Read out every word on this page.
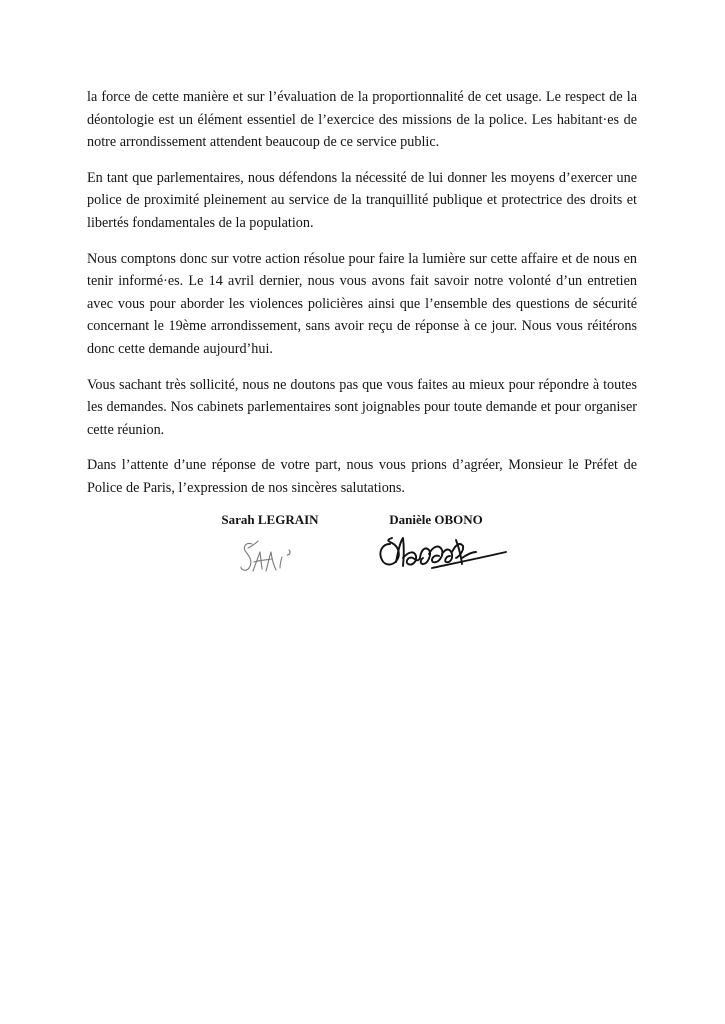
la force de cette manière et sur l’évaluation de la proportionnalité de cet usage. Le respect de la déontologie est un élément essentiel de l’exercice des missions de la police. Les habitant·es de notre arrondissement attendent beaucoup de ce service public.

En tant que parlementaires, nous défendons la nécessité de lui donner les moyens d’exercer une police de proximité pleinement au service de la tranquillité publique et protectrice des droits et libertés fondamentales de la population.

Nous comptons donc sur votre action résolue pour faire la lumière sur cette affaire et de nous en tenir informé·es. Le 14 avril dernier, nous vous avons fait savoir notre volonté d’un entretien avec vous pour aborder les violences policières ainsi que l’ensemble des questions de sécurité concernant le 19ème arrondissement, sans avoir reçu de réponse à ce jour. Nous vous réitérons donc cette demande aujourd’hui.

Vous sachant très sollicité, nous ne doutons pas que vous faites au mieux pour répondre à toutes les demandes. Nos cabinets parlementaires sont joignables pour toute demande et pour organiser cette réunion.

Dans l’attente d’une réponse de votre part, nous vous prions d’agréer, Monsieur le Préfet de Police de Paris, l’expression de nos sincères salutations.

Sarah LEGRAIN	Danièle OBONO
